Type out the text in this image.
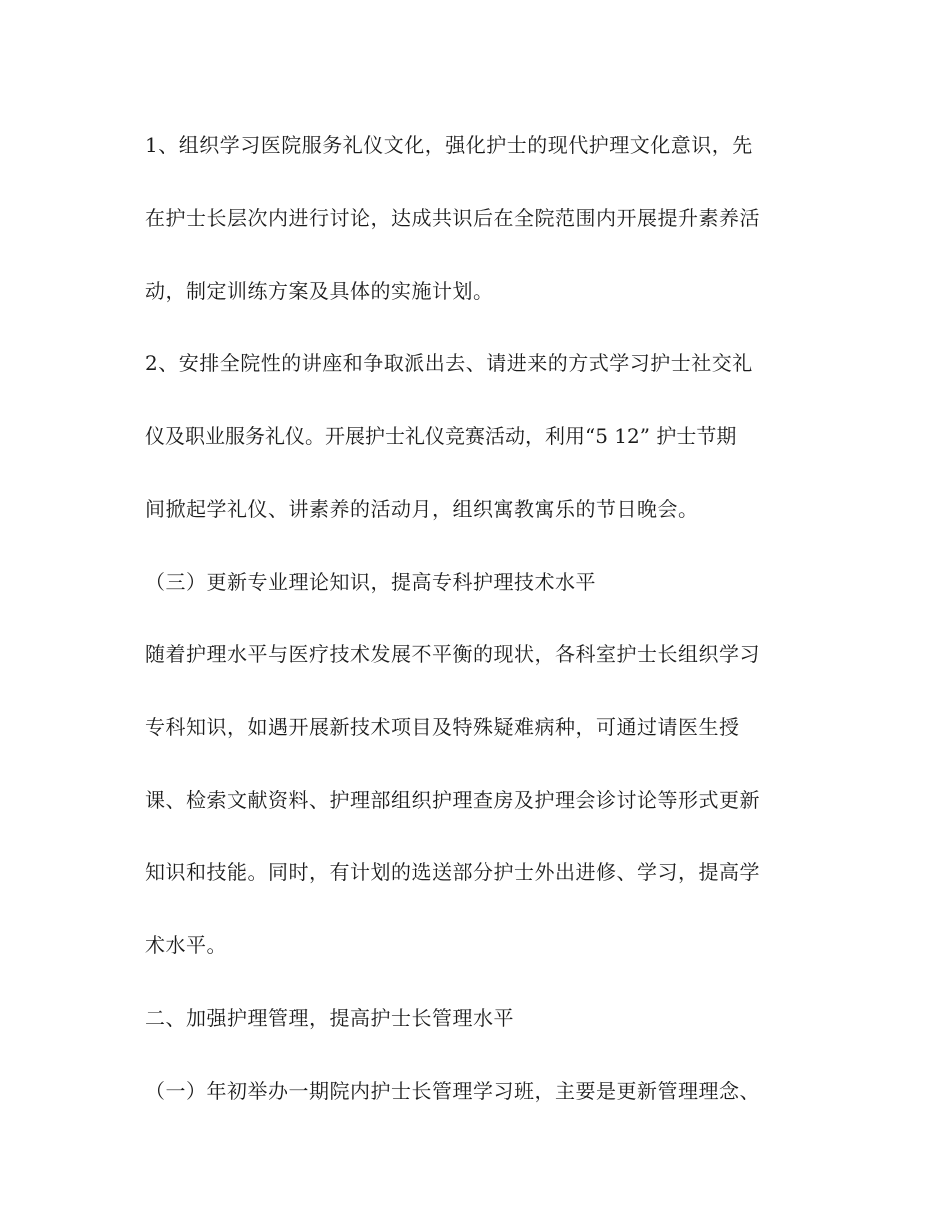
1、组织学习医院服务礼仪文化，强化护士的现代护理文化意识，先

在护士长层次内进行讨论，达成共识后在全院范围内开展提升素养活

动，制定训练方案及具体的实施计划。

2、安排全院性的讲座和争取派出去、请进来的方式学习护士社交礼

仪及职业服务礼仪。开展护士礼仪竞赛活动，利用“5 12” 护士节期

间掀起学礼仪、讲素养的活动月，组织寓教寓乐的节日晚会。

（三）更新专业理论知识，提高专科护理技术水平

随着护理水平与医疗技术发展不平衡的现状，各科室护士长组织学习

专科知识，如遇开展新技术项目及特殊疑难病种，可通过请医生授

课、检索文献资料、护理部组织护理查房及护理会诊讨论等形式更新

知识和技能。同时，有计划的选送部分护士外出进修、学习，提高学

术水平。

二、加强护理管理，提高护士长管理水平

（一）年初举办一期院内护士长管理学习班，主要是更新管理理念、
